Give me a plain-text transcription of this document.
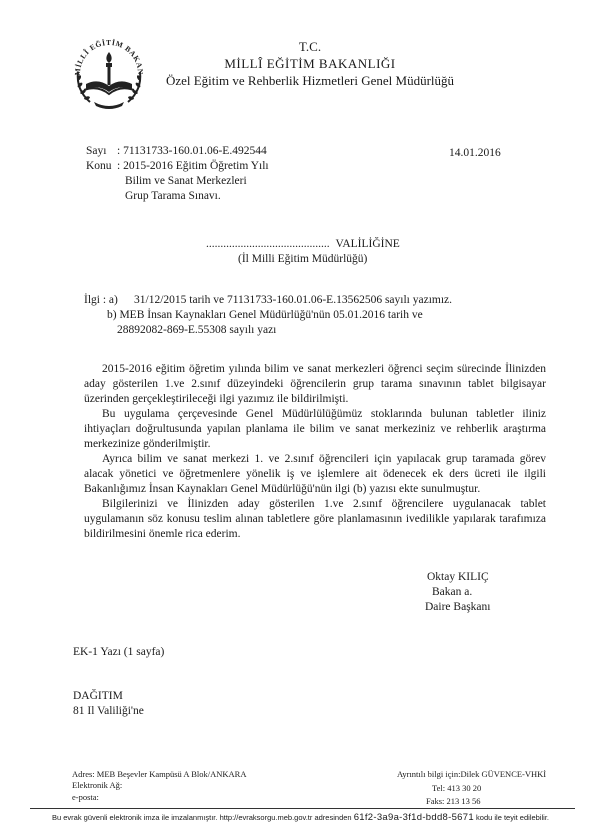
MİLLÎ EĞİTİM BAKAN
T.C.
MİLLÎ EĞİTİM BAKANLIĞI
Özel Eğitim ve Rehberlik Hizmetleri Genel Müdürlüğü
Sayı : 71131733-160.01.06-E.492544	14.01.2016
Konu : 2015-2016 Eğitim Öğretim Yılı
Bilim ve Sanat Merkezleri
Grup Tarama Sınavı.
........................................... VALİLİĞİNE
(İl Milli Eğitim Müdürlüğü)
İlgi : a) 31/12/2015 tarih ve 71131733-160.01.06-E.13562506 sayılı yazımız.
b) MEB İnsan Kaynakları Genel Müdürlüğü'nün 05.01.2016 tarih ve
28892082-869-E.55308 sayılı yazı
2015-2016 eğitim öğretim yılında bilim ve sanat merkezleri öğrenci seçim sürecinde İlinizden aday gösterilen 1.ve 2.sınıf düzeyindeki öğrencilerin grup tarama sınavının tablet bilgisayar üzerinden gerçekleştirileceği ilgi yazımız ile bildirilmişti.
Bu uygulama çerçevesinde Genel Müdürlülüğümüz stoklarında bulunan tabletler iliniz ihtiyaçları doğrultusunda yapılan planlama ile bilim ve sanat merkeziniz ve rehberlik araştırma merkezinize gönderilmiştir.
Ayrıca bilim ve sanat merkezi 1. ve 2.sınıf öğrencileri için yapılacak grup taramada görev alacak yönetici ve öğretmenlere yönelik iş ve işlemlere ait ödenecek ek ders ücreti ile ilgili Bakanlığımız İnsan Kaynakları Genel Müdürlüğü'nün ilgi (b) yazısı ekte sunulmuştur.
Bilgilerinizi ve İlinizden aday gösterilen 1.ve 2.sınıf öğrencilere uygulanacak tablet uygulamanın söz konusu teslim alınan tabletlere göre planlamasının ivedilikle yapılarak tarafımıza bildirilmesini önemle rica ederim.
Oktay KILIÇ
Bakan a.
Daire Başkanı
EK-1 Yazı (1 sayfa)
DAĞITIM
81 Il Valiliği'ne
Adres: MEB Beşevler Kampüsü A Blok/ANKARA
Elektronik Ağ:
e-posta:
Ayrıntılı bilgi için:Dilek GÜVENCE-VHKİ
Tel: 413 30 20
Faks: 213 13 56
Bu evrak güvenli elektronik imza ile imzalanmıştır. http://evraksorgu.meb.gov.tr adresinden 61f2-3a9a-3f1d-bdd8-5671 kodu ile teyit edilebilir.
